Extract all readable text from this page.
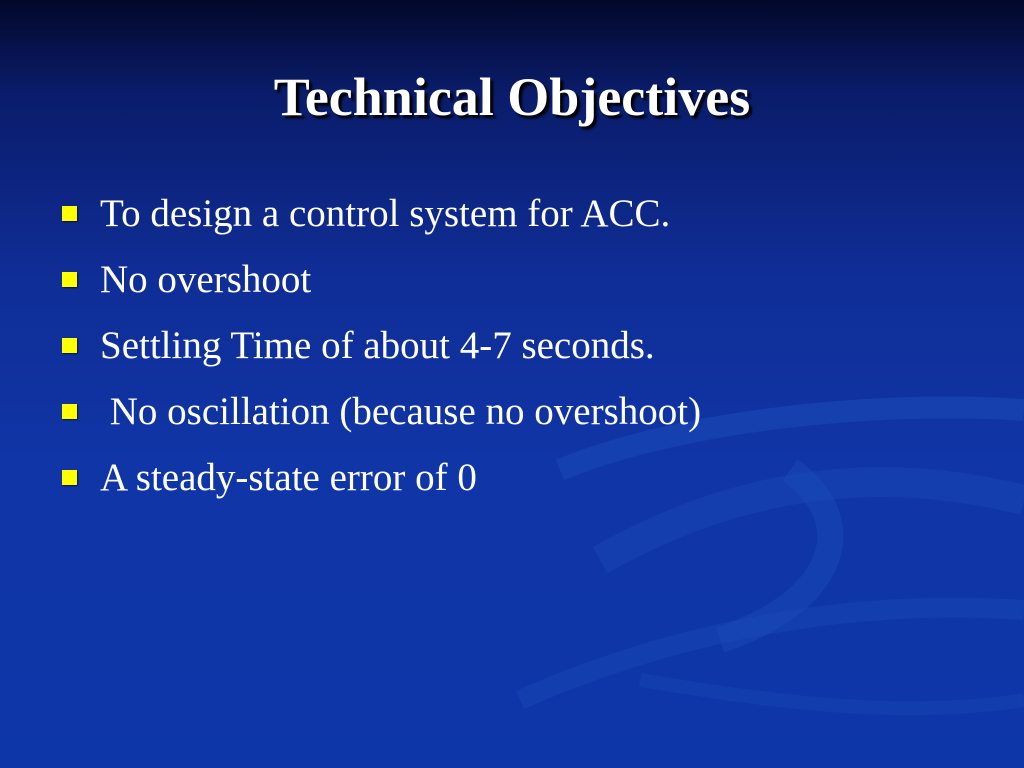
Technical Objectives

To design a control system for ACC.

No overshoot

Settling Time of about 4-7 seconds.

No oscillation (because no overshoot)

A steady-state error of 0
